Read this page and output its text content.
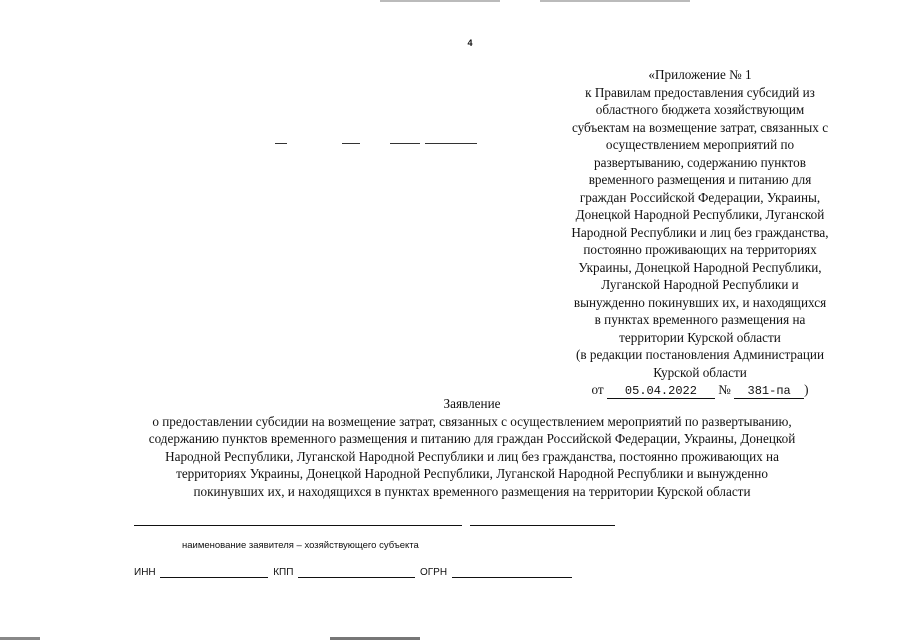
4
«Приложение № 1
к Правилам предоставления субсидий из
областного бюджета хозяйствующим
субъектам на возмещение затрат, связанных с
осуществлением мероприятий по
развертыванию, содержанию пунктов
временного размещения и питанию для
граждан Российской Федерации, Украины,
Донецкой Народной Республики, Луганской
Народной Республики и лиц без гражданства,
постоянно проживающих на территориях
Украины, Донецкой Народной Республики,
Луганской Народной Республики и
вынужденно покинувших их, и находящихся
в пунктах временного размещения на
территории Курской области
(в редакции постановления Администрации
Курской области
от 05.04.2022 № 381-па )
Заявление
о предоставлении субсидии на возмещение затрат, связанных с осуществлением мероприятий по развертыванию,
содержанию пунктов временного размещения и питанию для граждан Российской Федерации, Украины, Донецкой
Народной Республики, Луганской Народной Республики и лиц без гражданства, постоянно проживающих на
территориях Украины, Донецкой Народной Республики, Луганской Народной Республики и вынужденно
покинувших их, и находящихся в пунктах временного размещения на территории Курской области
наименование заявителя – хозяйствующего субъекта
ИНН	КПП	ОГРН
